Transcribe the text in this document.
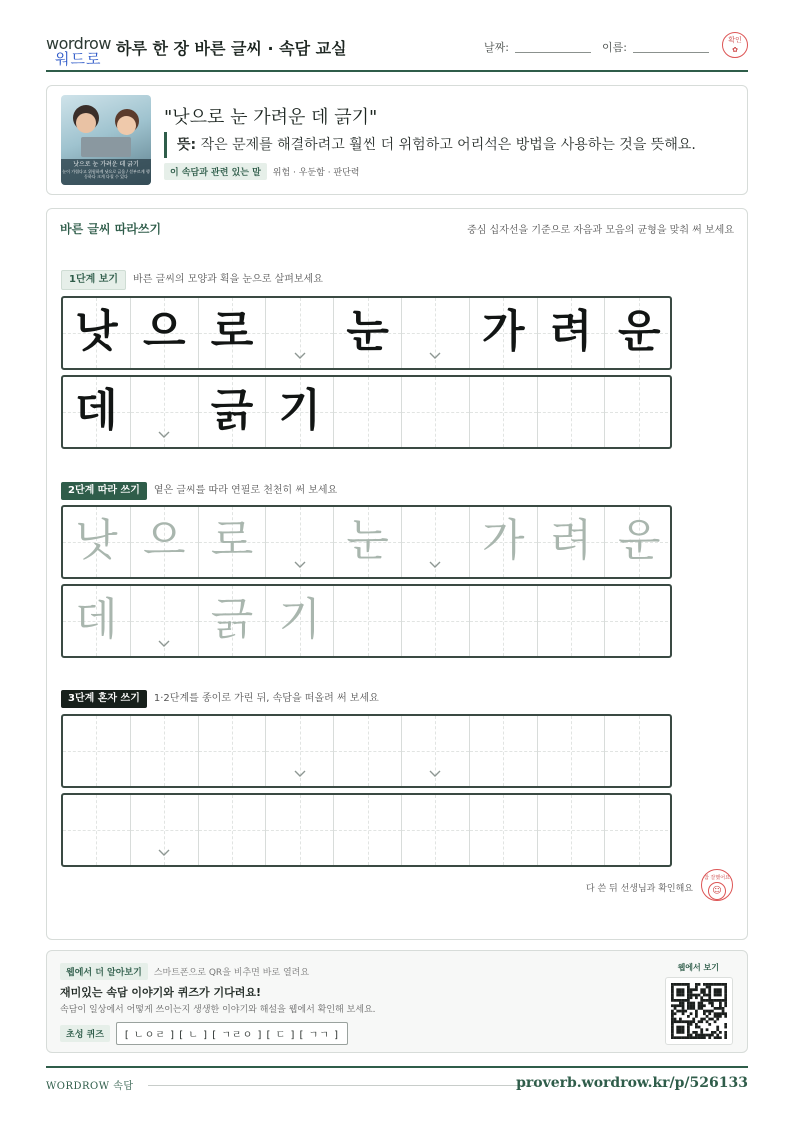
wordrow
워드로
하루 한 장 바른 글씨 · 속담 교실	날짜:	이름:
확인
✿
낫으로 눈 가려운 데 긁기
눈이 가렵다고 위험하게 낫으로 긁음 / 섣부르게 행동하다 크게 다칠 수 있다
"낫으로 눈 가려운 데 긁기"
뜻: 작은 문제를 해결하려고 훨씬 더 위험하고 어리석은 방법을 사용하는 것을 뜻해요.
이 속담과 관련 있는 말 위험 · 우둔함 · 판단력
바른 글씨 따라쓰기	중심 십자선을 기준으로 자음과 모음의 균형을 맞춰 써 보세요
1단계 보기 바른 글씨의 모양과 획을 눈으로 살펴보세요
낫 으 로 눈 가 려 운
데 긁 기
2단계 따라 쓰기 옅은 글씨를 따라 연필로 천천히 써 보세요
낫 으 로 눈 가 려 운
데 긁 기
3단계 혼자 쓰기 1·2단계를 종이로 가린 뒤, 속담을 떠올려 써 보세요
다 쓴 뒤 선생님과 확인해요
참 잘했어요
☺
웹에서 더 알아보기 스마트폰으로 QR을 비추면 바로 열려요
재미있는 속담 이야기와 퀴즈가 기다려요!
속담이 일상에서 어떻게 쓰이는지 생생한 이야기와 해설을 웹에서 확인해 보세요.
초성 퀴즈 [ ㄴㅇㄹ ] [ ㄴ ] [ ㄱㄹㅇ ] [ ㄷ ] [ ㄱㄱ ]
웹에서 보기
WORDROW 속담	proverb.wordrow.kr/p/526133
